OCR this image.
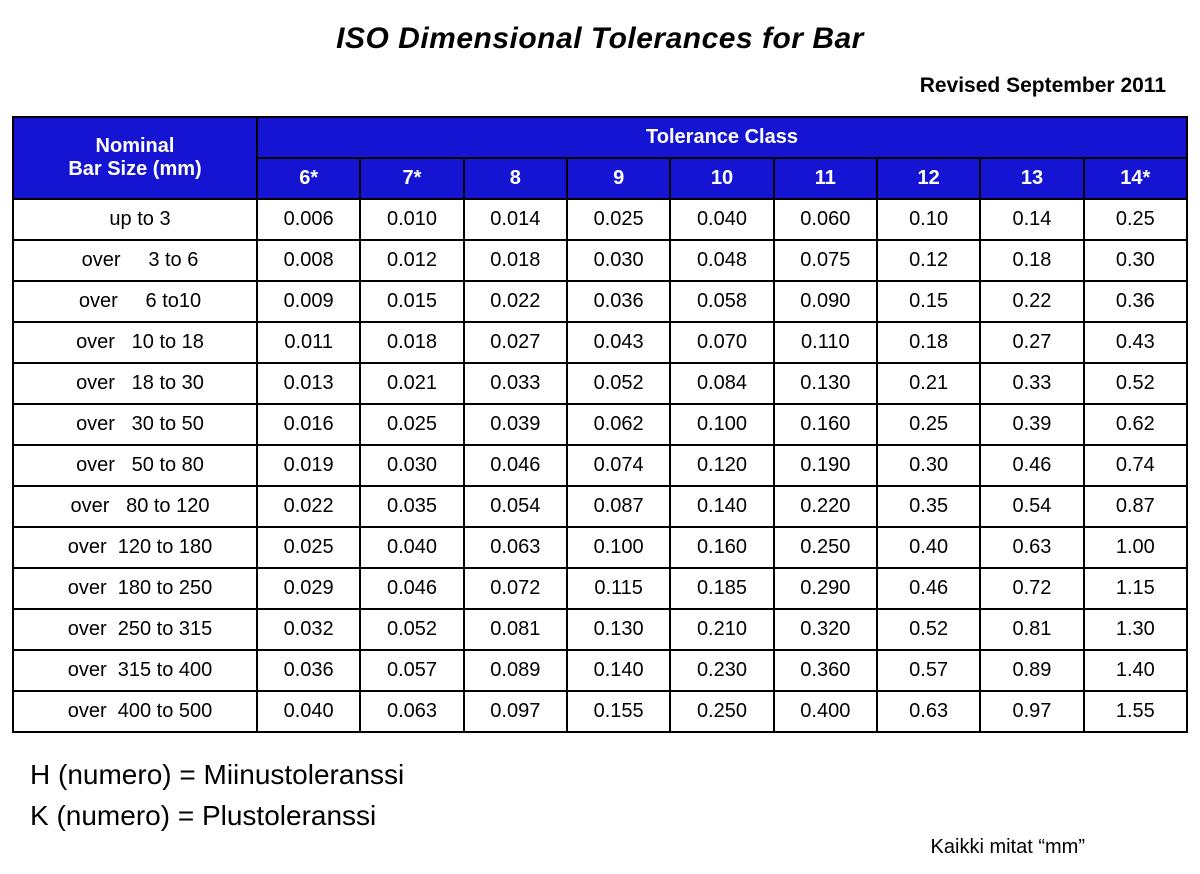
ISO Dimensional Tolerances for Bar
Revised September 2011
Nominal
Bar Size (mm)	Tolerance Class								
	6*	7*	8	9	10	11	12	13	14*
up to 3	0.006	0.010	0.014	0.025	0.040	0.060	0.10	0.14	0.25
over     3 to 6	0.008	0.012	0.018	0.030	0.048	0.075	0.12	0.18	0.30
over     6 to10	0.009	0.015	0.022	0.036	0.058	0.090	0.15	0.22	0.36
over   10 to 18	0.011	0.018	0.027	0.043	0.070	0.110	0.18	0.27	0.43
over   18 to 30	0.013	0.021	0.033	0.052	0.084	0.130	0.21	0.33	0.52
over   30 to 50	0.016	0.025	0.039	0.062	0.100	0.160	0.25	0.39	0.62
over   50 to 80	0.019	0.030	0.046	0.074	0.120	0.190	0.30	0.46	0.74
over   80 to 120	0.022	0.035	0.054	0.087	0.140	0.220	0.35	0.54	0.87
over  120 to 180	0.025	0.040	0.063	0.100	0.160	0.250	0.40	0.63	1.00
over  180 to 250	0.029	0.046	0.072	0.115	0.185	0.290	0.46	0.72	1.15
over  250 to 315	0.032	0.052	0.081	0.130	0.210	0.320	0.52	0.81	1.30
over  315 to 400	0.036	0.057	0.089	0.140	0.230	0.360	0.57	0.89	1.40
over  400 to 500	0.040	0.063	0.097	0.155	0.250	0.400	0.63	0.97	1.55
H (numero) = Miinustoleranssi
K (numero) = Plustoleranssi
Kaikki mitat “mm”
